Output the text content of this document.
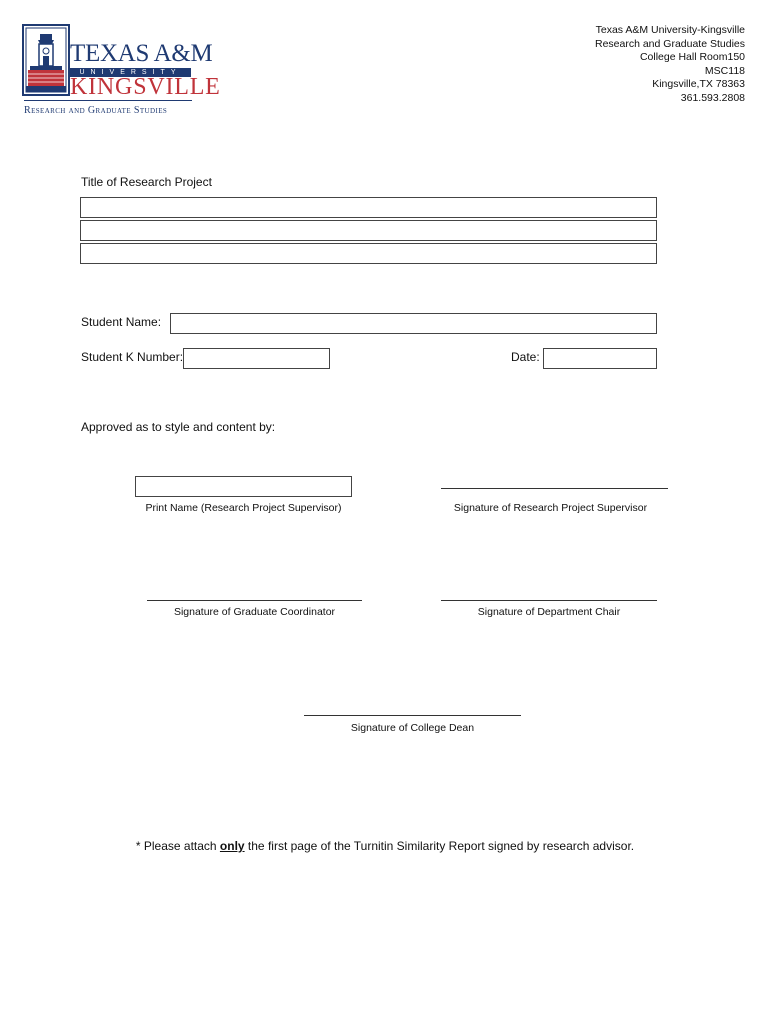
TEXAS A&M
UNIVERSITY
KINGSVILLE
Research and Graduate Studies
Texas A&M University-Kingsville
Research and Graduate Studies
College Hall Room150
MSC118
Kingsville,TX 78363
361.593.2808
Title of Research Project
Student Name:
Student K Number:	Date:
Approved as to style and content by:
Print Name (Research Project Supervisor)	Signature of Research Project Supervisor
Signature of Graduate Coordinator	Signature of Department Chair
Signature of College Dean
* Please attach only the first page of the Turnitin Similarity Report signed by research advisor.
